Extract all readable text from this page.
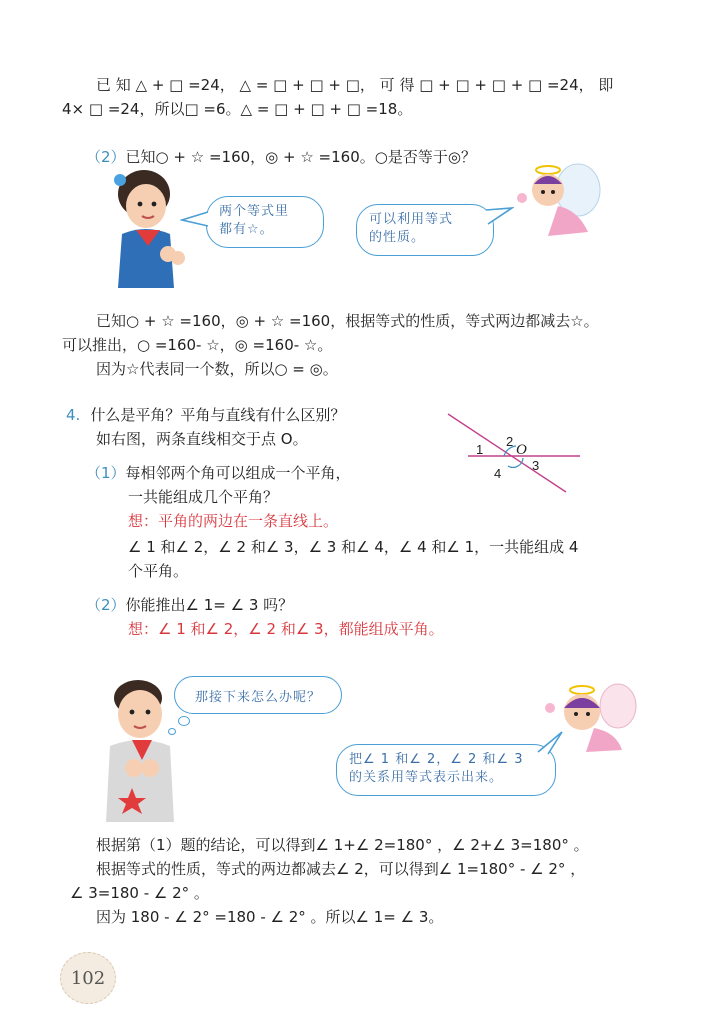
已 知 △ + □ =24， △ = □ + □ + □， 可 得 □ + □ + □ + □ =24， 即
4× □ =24，所以□ =6。△ = □ + □ + □ =18。
（2）已知○ + ☆ =160，◎ + ☆ =160。○是否等于◎？
两个等式里
都有☆。
可以利用等式
的性质。
已知○ + ☆ =160，◎ + ☆ =160，根据等式的性质，等式两边都减去☆。
可以推出，○ =160- ☆，◎ =160- ☆。
因为☆代表同一个数，所以○ = ◎。
4. 什么是平角？平角与直线有什么区别？
如右图，两条直线相交于点 O。
（1）每相邻两个角可以组成一个平角，
一共能组成几个平角？
想：平角的两边在一条直线上。
∠ 1 和∠ 2，∠ 2 和∠ 3，∠ 3 和∠ 4，∠ 4 和∠ 1，一共能组成 4
个平角。
（2）你能推出∠ 1= ∠ 3 吗？
想：∠ 1 和∠ 2，∠ 2 和∠ 3，都能组成平角。
1
2
3
4
O
那接下来怎么办呢？
把∠ 1 和∠ 2，∠ 2 和∠ 3
的关系用等式表示出来。
根据第（1）题的结论，可以得到∠ 1+∠ 2=180° ，∠ 2+∠ 3=180° 。
根据等式的性质，等式的两边都减去∠ 2，可以得到∠ 1=180° - ∠ 2° ，
∠ 3=180 - ∠ 2° 。
因为 180 - ∠ 2° =180 - ∠ 2° 。所以∠ 1= ∠ 3。
102
